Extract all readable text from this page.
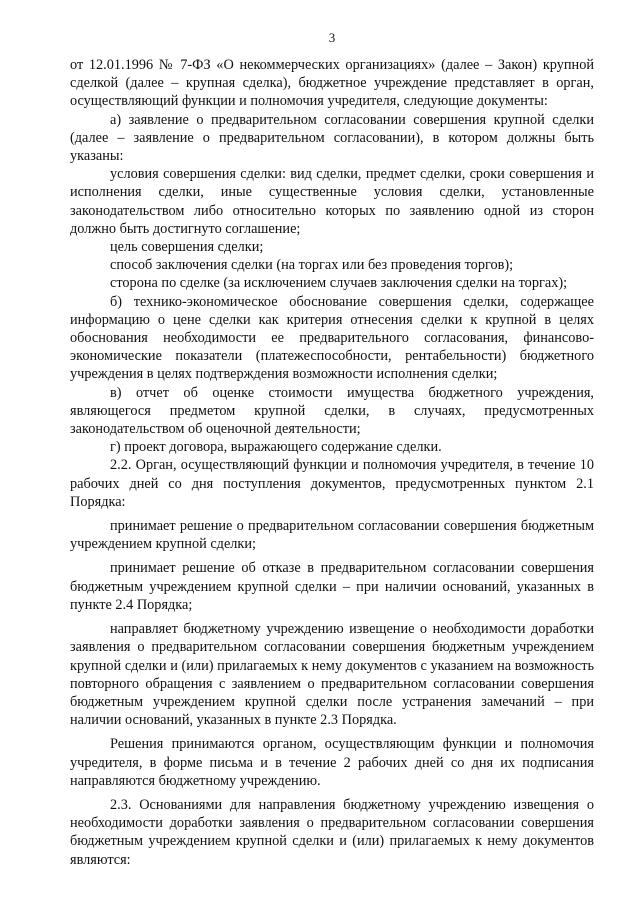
3

от 12.01.1996 № 7-ФЗ «О некоммерческих организациях» (далее – Закон) крупной сделкой (далее – крупная сделка), бюджетное учреждение представляет в орган, осуществляющий функции и полномочия учредителя, следующие документы:

а) заявление о предварительном согласовании совершения крупной сделки (далее – заявление о предварительном согласовании), в котором должны быть указаны:

условия совершения сделки: вид сделки, предмет сделки, сроки совершения и исполнения сделки, иные существенные условия сделки, установленные законодательством либо относительно которых по заявлению одной из сторон должно быть достигнуто соглашение;

цель совершения сделки;

способ заключения сделки (на торгах или без проведения торгов);

сторона по сделке (за исключением случаев заключения сделки на торгах);

б) технико-экономическое обоснование совершения сделки, содержащее информацию о цене сделки как критерия отнесения сделки к крупной в целях обоснования необходимости ее предварительного согласования, финансово-экономические показатели (платежеспособности, рентабельности) бюджетного учреждения в целях подтверждения возможности исполнения сделки;

в) отчет об оценке стоимости имущества бюджетного учреждения, являющегося предметом крупной сделки, в случаях, предусмотренных законодательством об оценочной деятельности;

г) проект договора, выражающего содержание сделки.

2.2. Орган, осуществляющий функции и полномочия учредителя, в течение 10 рабочих дней со дня поступления документов, предусмотренных пунктом 2.1 Порядка:

принимает решение о предварительном согласовании совершения бюджетным учреждением крупной сделки;

принимает решение об отказе в предварительном согласовании совершения бюджетным учреждением крупной сделки – при наличии оснований, указанных в пункте 2.4 Порядка;

направляет бюджетному учреждению извещение о необходимости доработки заявления о предварительном согласовании совершения бюджетным учреждением крупной сделки и (или) прилагаемых к нему документов с указанием на возможность повторного обращения с заявлением о предварительном согласовании совершения бюджетным учреждением крупной сделки после устранения замечаний – при наличии оснований, указанных в пункте 2.3 Порядка.

Решения принимаются органом, осуществляющим функции и полномочия учредителя, в форме письма и в течение 2 рабочих дней со дня их подписания направляются бюджетному учреждению.

2.3. Основаниями для направления бюджетному учреждению извещения о необходимости доработки заявления о предварительном согласовании совершения бюджетным учреждением крупной сделки и (или) прилагаемых к нему документов являются:
